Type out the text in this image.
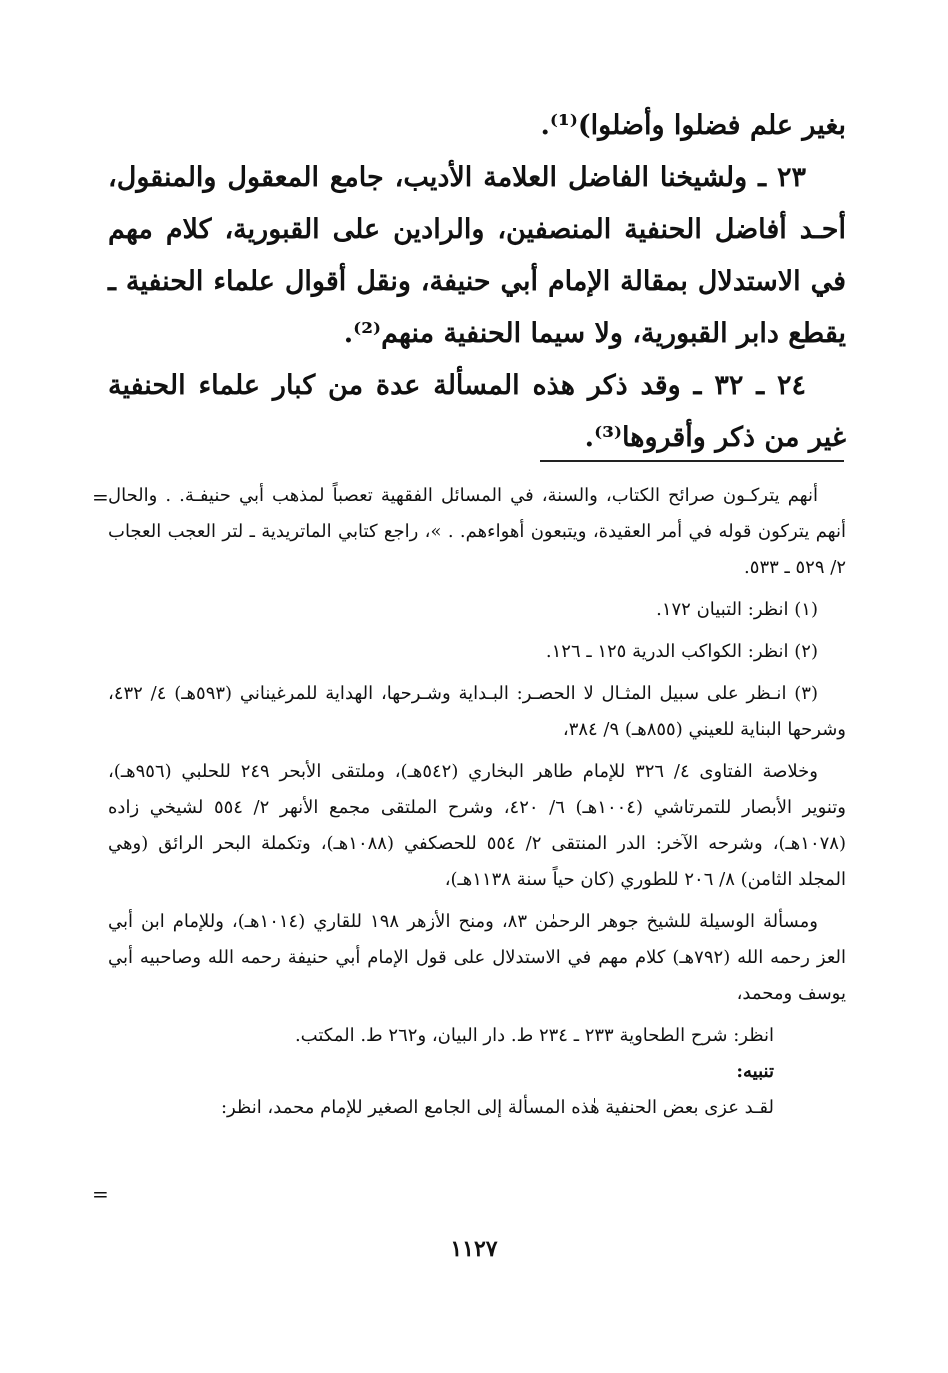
بغير علم فضلوا وأضلوا)⁽¹⁾.

٢٣ ـ ولشيخنا الفاضل العلامة الأديب، جامع المعقول والمنقول، أحـد أفاضل الحنفية المنصفين، والرادين على القبورية، كلام مهم في الاستدلال بمقالة الإمام أبي حنيفة، ونقل أقوال علماء الحنفية ـ يقطع دابر القبورية، ولا سيما الحنفية منهم⁽²⁾.

٢٤ ـ ٣٢ ـ وقد ذكر هذه المسألة عدة من كبار علماء الحنفية غير من ذكر وأقروها⁽³⁾.

= أنهم يتركـون صرائح الكتاب، والسنة، في المسائل الفقهية تعصباً لمذهب أبي حنيفـة. . والحال أنهم يتركون قوله في أمر العقيدة، ويتبعون أهواءهم. . »، راجع كتابي الماتريدية ـ لتر العجب العجاب ٢/ ٥٢٩ ـ ٥٣٣.

(١) انظر: التبيان ١٧٢.

(٢) انظر: الكواكب الدرية ١٢٥ ـ ١٢٦.

(٣) انـظر على سبيل المثـال لا الحصـر: البـداية وشـرحها، الهداية للمرغيناني (٥٩٣هـ) ٤/ ٤٣٢، وشرحها البناية للعيني (٨٥٥هـ) ٩/ ٣٨٤،

وخلاصة الفتاوى ٤/ ٣٢٦ للإمام طاهر البخاري (٥٤٢هـ)، وملتقى الأبحر ٢٤٩ للحلبي (٩٥٦هـ)، وتنوير الأبصار للتمرتاشي (١٠٠٤هـ) ٦/ ٤٢٠، وشرح الملتقى مجمع الأنهر ٢/ ٥٥٤ لشيخي زاده (١٠٧٨هـ)، وشرحه الآخر: الدر المنتقى ٢/ ٥٥٤ للحصكفي (١٠٨٨هـ)، وتكملة البحر الرائق (وهي المجلد الثامن) ٨/ ٢٠٦ للطوري (كان حياً سنة ١١٣٨هـ)،

ومسألة الوسيلة للشيخ جوهر الرحمٰن ٨٣، ومنح الأزهر ١٩٨ للقاري (١٠١٤هـ)، وللإمام ابن أبي العز رحمه الله (٧٩٢هـ) كلام مهم في الاستدلال على قول الإمام أبي حنيفة رحمه الله وصاحبيه أبي يوسف ومحمد،

انظر: شرح الطحاوية ٢٣٣ ـ ٢٣٤ ط. دار البيان، و٢٦٢ ط. المكتب.

تنبيه:

لقـد عزى بعض الحنفية هٰذه المسألة إلى الجامع الصغير للإمام محمد، انظر:

=
١١٢٧
